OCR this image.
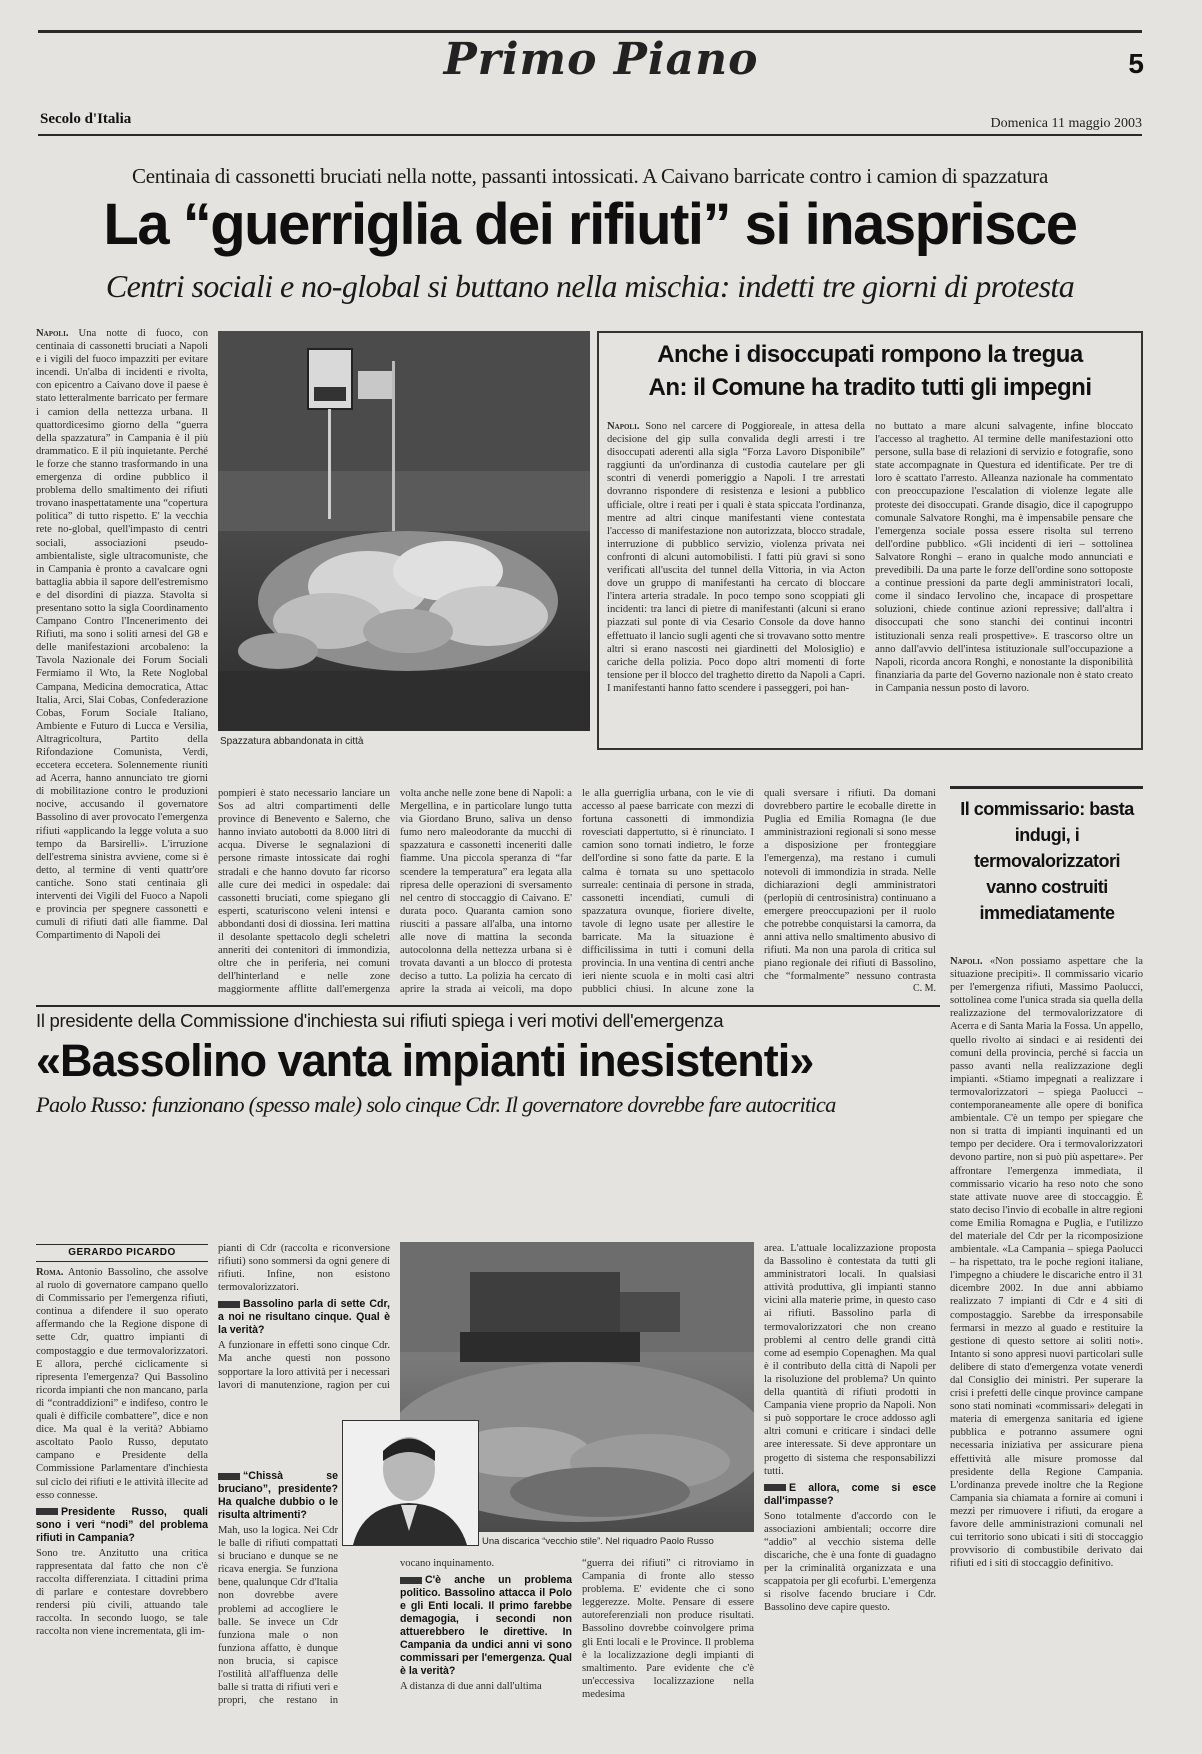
Primo Piano	5
Secolo d'Italia	Domenica 11 maggio 2003
Centinaia di cassonetti bruciati nella notte, passanti intossicati. A Caivano barricate contro i camion di spazzatura
La “guerriglia dei rifiuti” si inasprisce
Centri sociali e no-global si buttano nella mischia: indetti tre giorni di protesta

Napoli. Una notte di fuoco, con centinaia di cassonetti bruciati a Napoli e i vigili del fuoco impazziti per evitare incendi. Un'alba di incidenti e rivolta, con epicentro a Caivano dove il paese è stato letteralmente barricato per fermare i camion della nettezza urbana. Il quattordicesimo giorno della “guerra della spazzatura” in Campania è il più drammatico. E il più inquietante. Perché le forze che stanno trasformando in una emergenza di ordine pubblico il problema dello smaltimento dei rifiuti trovano inaspettatamente una “copertura politica” di tutto rispetto. E' la vecchia rete no-global, quell'impasto di centri sociali, associazioni pseudo-ambientaliste, sigle ultracomuniste, che in Campania è pronto a cavalcare ogni battaglia abbia il sapore dell'estremismo e del disordini di piazza. Stavolta si presentano sotto la sigla Coordinamento Campano Contro l'Incenerimento dei Rifiuti, ma sono i soliti arnesi del G8 e delle manifestazioni arcobaleno: la Tavola Nazionale dei Forum Sociali Fermiamo il Wto, la Rete Noglobal Campana, Medicina democratica, Attac Italia, Arci, Slai Cobas, Confederazione Cobas, Forum Sociale Italiano, Ambiente e Futuro di Lucca e Versilia, Altragricoltura, Partito della Rifondazione Comunista, Verdi, eccetera eccetera. Solennemente riuniti ad Acerra, hanno annunciato tre giorni di mobilitazione contro le produzioni nocive, accusando il governatore Bassolino di aver provocato l'emergenza rifiuti «applicando la legge voluta a suo tempo da Barsirelli». L'irruzione dell'estrema sinistra avviene, come si è detto, al termine di venti quattr'ore cantiche. Sono stati centinaia gli interventi dei Vigili del Fuoco a Napoli e provincia per spegnere cassonetti e cumuli di rifiuti dati alle fiamme. Dal Compartimento di Napoli dei

Spazzatura abbandonata in città
Anche i disoccupati rompono la tregua
An: il Comune ha tradito tutti gli impegni

Napoli. Sono nel carcere di Poggioreale, in attesa della decisione del gip sulla convalida degli arresti i tre disoccupati aderenti alla sigla “Forza Lavoro Disponibile” raggiunti da un'ordinanza di custodia cautelare per gli scontri di venerdì pomeriggio a Napoli. I tre arrestati dovranno rispondere di resistenza e lesioni a pubblico ufficiale, oltre i reati per i quali è stata spiccata l'ordinanza, mentre ad altri cinque manifestanti viene contestata l'accesso di manifestazione non autorizzata, blocco stradale, interruzione di pubblico servizio, violenza privata nei confronti di alcuni automobilisti. I fatti più gravi si sono verificati all'uscita del tunnel della Vittoria, in via Acton dove un gruppo di manifestanti ha cercato di bloccare l'intera arteria stradale. In poco tempo sono scoppiati gli incidenti: tra lanci di pietre di manifestanti (alcuni si erano piazzati sul ponte di via Cesario Console da dove hanno effettuato il lancio sugli agenti che si trovavano sotto mentre altri si erano nascosti nei giardinetti del Molosiglio) e cariche della polizia. Poco dopo altri momenti di forte tensione per il blocco del traghetto diretto da Napoli a Capri. I manifestanti hanno fatto scendere i passeggeri, poi han-

no buttato a mare alcuni salvagente, infine bloccato l'accesso al traghetto. Al termine delle manifestazioni otto persone, sulla base di relazioni di servizio e fotografie, sono state accompagnate in Questura ed identificate. Per tre di loro è scattato l'arresto. Alleanza nazionale ha commentato con preoccupazione l'escalation di violenze legate alle proteste dei disoccupati. Grande disagio, dice il capogruppo comunale Salvatore Ronghi, ma è impensabile pensare che l'emergenza sociale possa essere risolta sul terreno dell'ordine pubblico. «Gli incidenti di ieri – sottolinea Salvatore Ronghi – erano in qualche modo annunciati e prevedibili. Da una parte le forze dell'ordine sono sottoposte a continue pressioni da parte degli amministratori locali, come il sindaco Iervolino che, incapace di prospettare soluzioni, chiede continue azioni repressive; dall'altra i disoccupati che sono stanchi dei continui incontri istituzionali senza reali prospettive». E trascorso oltre un anno dall'avvio dell'intesa istituzionale sull'occupazione a Napoli, ricorda ancora Ronghi, e nonostante la disponibilità finanziaria da parte del Governo nazionale non è stato creato in Campania nessun posto di lavoro.

pompieri è stato necessario lanciare un Sos ad altri compartimenti delle province di Benevento e Salerno, che hanno inviato autobotti da 8.000 litri di acqua. Diverse le segnalazioni di persone rimaste intossicate dai roghi stradali e che hanno dovuto far ricorso alle cure dei medici in ospedale: dai cassonetti bruciati, come spiegano gli esperti, scaturiscono veleni intensi e abbondanti dosi di diossina. Ieri mattina il desolante spettacolo degli scheletri anneriti dei contenitori di immondizia, oltre che in periferia, nei comuni dell'hinterland e nelle zone maggiormente afflitte dall'emergenza

volta anche nelle zone bene di Napoli: a Mergellina, e in particolare lungo tutta via Giordano Bruno, saliva un denso fumo nero maleodorante da mucchi di spazzatura e cassonetti inceneriti dalle fiamme. Una piccola speranza di “far scendere la temperatura” era legata alla ripresa delle operazioni di sversamento nel centro di stoccaggio di Caivano. E' durata poco. Quaranta camion sono riusciti a passare all'alba, una intorno alle nove di mattina la seconda autocolonna della nettezza urbana si è trovata davanti a un blocco di protesta deciso a tutto. La polizia ha cercato di aprire la strada ai veicoli, ma dopo

le alla guerriglia urbana, con le vie di accesso al paese barricate con mezzi di fortuna cassonetti di immondizia rovesciati dappertutto, si è rinunciato. I camion sono tornati indietro, le forze dell'ordine si sono fatte da parte. E la calma è tornata su uno spettacolo surreale: centinaia di persone in strada, cassonetti incendiati, cumuli di spazzatura ovunque, fioriere divelte, tavole di legno usate per allestire le barricate. Ma la situazione è difficilissima in tutti i comuni della provincia. In una ventina di centri anche ieri niente scuola e in molti casi altri pubblici chiusi. In alcune zone la

quali sversare i rifiuti. Da domani dovrebbero partire le ecoballe dirette in Puglia ed Emilia Romagna (le due amministrazioni regionali si sono messe a disposizione per fronteggiare l'emergenza), ma restano i cumuli notevoli di immondizia in strada. Nelle dichiarazioni degli amministratori (perlopiù di centrosinistra) continuano a emergere preoccupazioni per il ruolo che potrebbe conquistarsi la camorra, da anni attiva nello smaltimento abusivo di rifiuti. Ma non una parola di critica sul piano regionale dei rifiuti di Bassolino, che “formalmente” nessuno contrasta

C. M.
Il commissario: basta indugi, i termovalorizzatori vanno costruiti immediatamente

Napoli. «Non possiamo aspettare che la situazione precipiti». Il commissario vicario per l'emergenza rifiuti, Massimo Paolucci, sottolinea come l'unica strada sia quella della realizzazione del termovalorizzatore di Acerra e di Santa Maria la Fossa. Un appello, quello rivolto ai sindaci e ai residenti dei comuni della provincia, perché si faccia un passo avanti nella realizzazione degli impianti. «Stiamo impegnati a realizzare i termovalorizzatori – spiega Paolucci – contemporaneamente alle opere di bonifica ambientale. C'è un tempo per spiegare che non si tratta di impianti inquinanti ed un tempo per decidere. Ora i termovalorizzatori devono partire, non si può più aspettare». Per affrontare l'emergenza immediata, il commissario vicario ha reso noto che sono state attivate nuove aree di stoccaggio. È stato deciso l'invio di ecoballe in altre regioni come Emilia Romagna e Puglia, e l'utilizzo del materiale del Cdr per la ricomposizione ambientale. «La Campania – spiega Paolucci – ha rispettato, tra le poche regioni italiane, l'impegno a chiudere le discariche entro il 31 dicembre 2002. In due anni abbiamo realizzato 7 impianti di Cdr e 4 siti di compostaggio. Sarebbe da irresponsabile fermarsi in mezzo al guado e restituire la gestione di questo settore ai soliti noti». Intanto si sono appresi nuovi particolari sulle delibere di stato d'emergenza votate venerdì dal Consiglio dei ministri. Per superare la crisi i prefetti delle cinque province campane sono stati nominati «commissari» delegati in materia di emergenza sanitaria ed igiene pubblica e potranno assumere ogni necessaria iniziativa per assicurare piena effettività alle misure promosse dal presidente della Regione Campania. L'ordinanza prevede inoltre che la Regione Campania sia chiamata a fornire ai comuni i mezzi per rimuovere i rifiuti, da erogare a favore delle amministrazioni comunali nel cui territorio sono ubicati i siti di stoccaggio provvisorio di combustibile derivato dai rifiuti ed i siti di stoccaggio definitivo.

Il presidente della Commissione d'inchiesta sui rifiuti spiega i veri motivi dell'emergenza
«Bassolino vanta impianti inesistenti»
Paolo Russo: funzionano (spesso male) solo cinque Cdr. Il governatore dovrebbe fare autocritica
GERARDO PICARDO

Roma. Antonio Bassolino, che assolve al ruolo di governatore campano quello di Commissario per l'emergenza rifiuti, continua a difendere il suo operato affermando che la Regione dispone di sette Cdr, quattro impianti di compostaggio e due termovalorizzatori. E allora, perché ciclicamente si ripresenta l'emergenza? Qui Bassolino ricorda impianti che non mancano, parla di “contraddizioni” e indifeso, contro le quali è difficile combattere”, dice e non dice. Ma qual è la verità? Abbiamo ascoltato Paolo Russo, deputato campano e Presidente della Commissione Parlamentare d'inchiesta sul ciclo dei rifiuti e le attività illecite ad esso connesse.

Presidente Russo, quali sono i veri “nodi” del problema rifiuti in Campania?

Sono tre. Anzitutto una critica rappresentata dal fatto che non c'è raccolta differenziata. I cittadini prima di parlare e contestare dovrebbero rendersi più civili, attuando tale raccolta. In secondo luogo, se tale raccolta non viene incrementata, gli im-

pianti di Cdr (raccolta e riconversione rifiuti) sono sommersi da ogni genere di rifiuti. Infine, non esistono termovalorizzatori.

Bassolino parla di sette Cdr, a noi ne risultano cinque. Qual è la verità?

A funzionare in effetti sono cinque Cdr. Ma anche questi non possono sopportare la loro attività per i necessari lavori di manutenzione, ragion per cui

“Chissà se bruciano”, presidente? Ha qualche dubbio o le risulta altrimenti?

Mah, uso la logica. Nei Cdr le balle di rifiuti compattati si bruciano e dunque se ne ricava energia. Se funziona bene, qualunque Cdr d'Italia non dovrebbe avere problemi ad accogliere le balle. Se invece un Cdr funziona male o non funziona affatto, è dunque non brucia, si capisce l'ostilità all'affluenza delle balle si tratta di rifiuti veri e propri, che restano in

Una discarica “vecchio stile”. Nel riquadro Paolo Russo

vocano inquinamento.

C'è anche un problema politico. Bassolino attacca il Polo e gli Enti locali. Il primo farebbe demagogia, i secondi non attuerebbero le direttive. In Campania da undici anni vi sono commissari per l'emergenza. Qual è la verità?

A distanza di due anni dall'ultima

“guerra dei rifiuti” ci ritroviamo in Campania di fronte allo stesso problema. E' evidente che ci sono leggerezze. Molte. Pensare di essere autoreferenziali non produce risultati. Bassolino dovrebbe coinvolgere prima gli Enti locali e le Province. Il problema è la localizzazione degli impianti di smaltimento. Pare evidente che c'è un'eccessiva localizzazione nella medesima

area. L'attuale localizzazione proposta da Bassolino è contestata da tutti gli amministratori locali. In qualsiasi attività produttiva, gli impianti stanno vicini alla materie prime, in questo caso ai rifiuti. Bassolino parla di termovalorizzatori che non creano problemi al centro delle grandi città come ad esempio Copenaghen. Ma qual è il contributo della città di Napoli per la risoluzione del problema? Un quinto della quantità di rifiuti prodotti in Campania viene proprio da Napoli. Non si può sopportare le croce addosso agli altri comuni e criticare i sindaci delle aree interessate. Si deve approntare un progetto di sistema che responsabilizzi tutti.

E allora, come si esce dall'impasse?

Sono totalmente d'accordo con le associazioni ambientali; occorre dire “addio” al vecchio sistema delle discariche, che è una fonte di guadagno per la criminalità organizzata e una scappatoia per gli ecofurbi. L'emergenza si risolve facendo bruciare i Cdr. Bassolino deve capire questo.
